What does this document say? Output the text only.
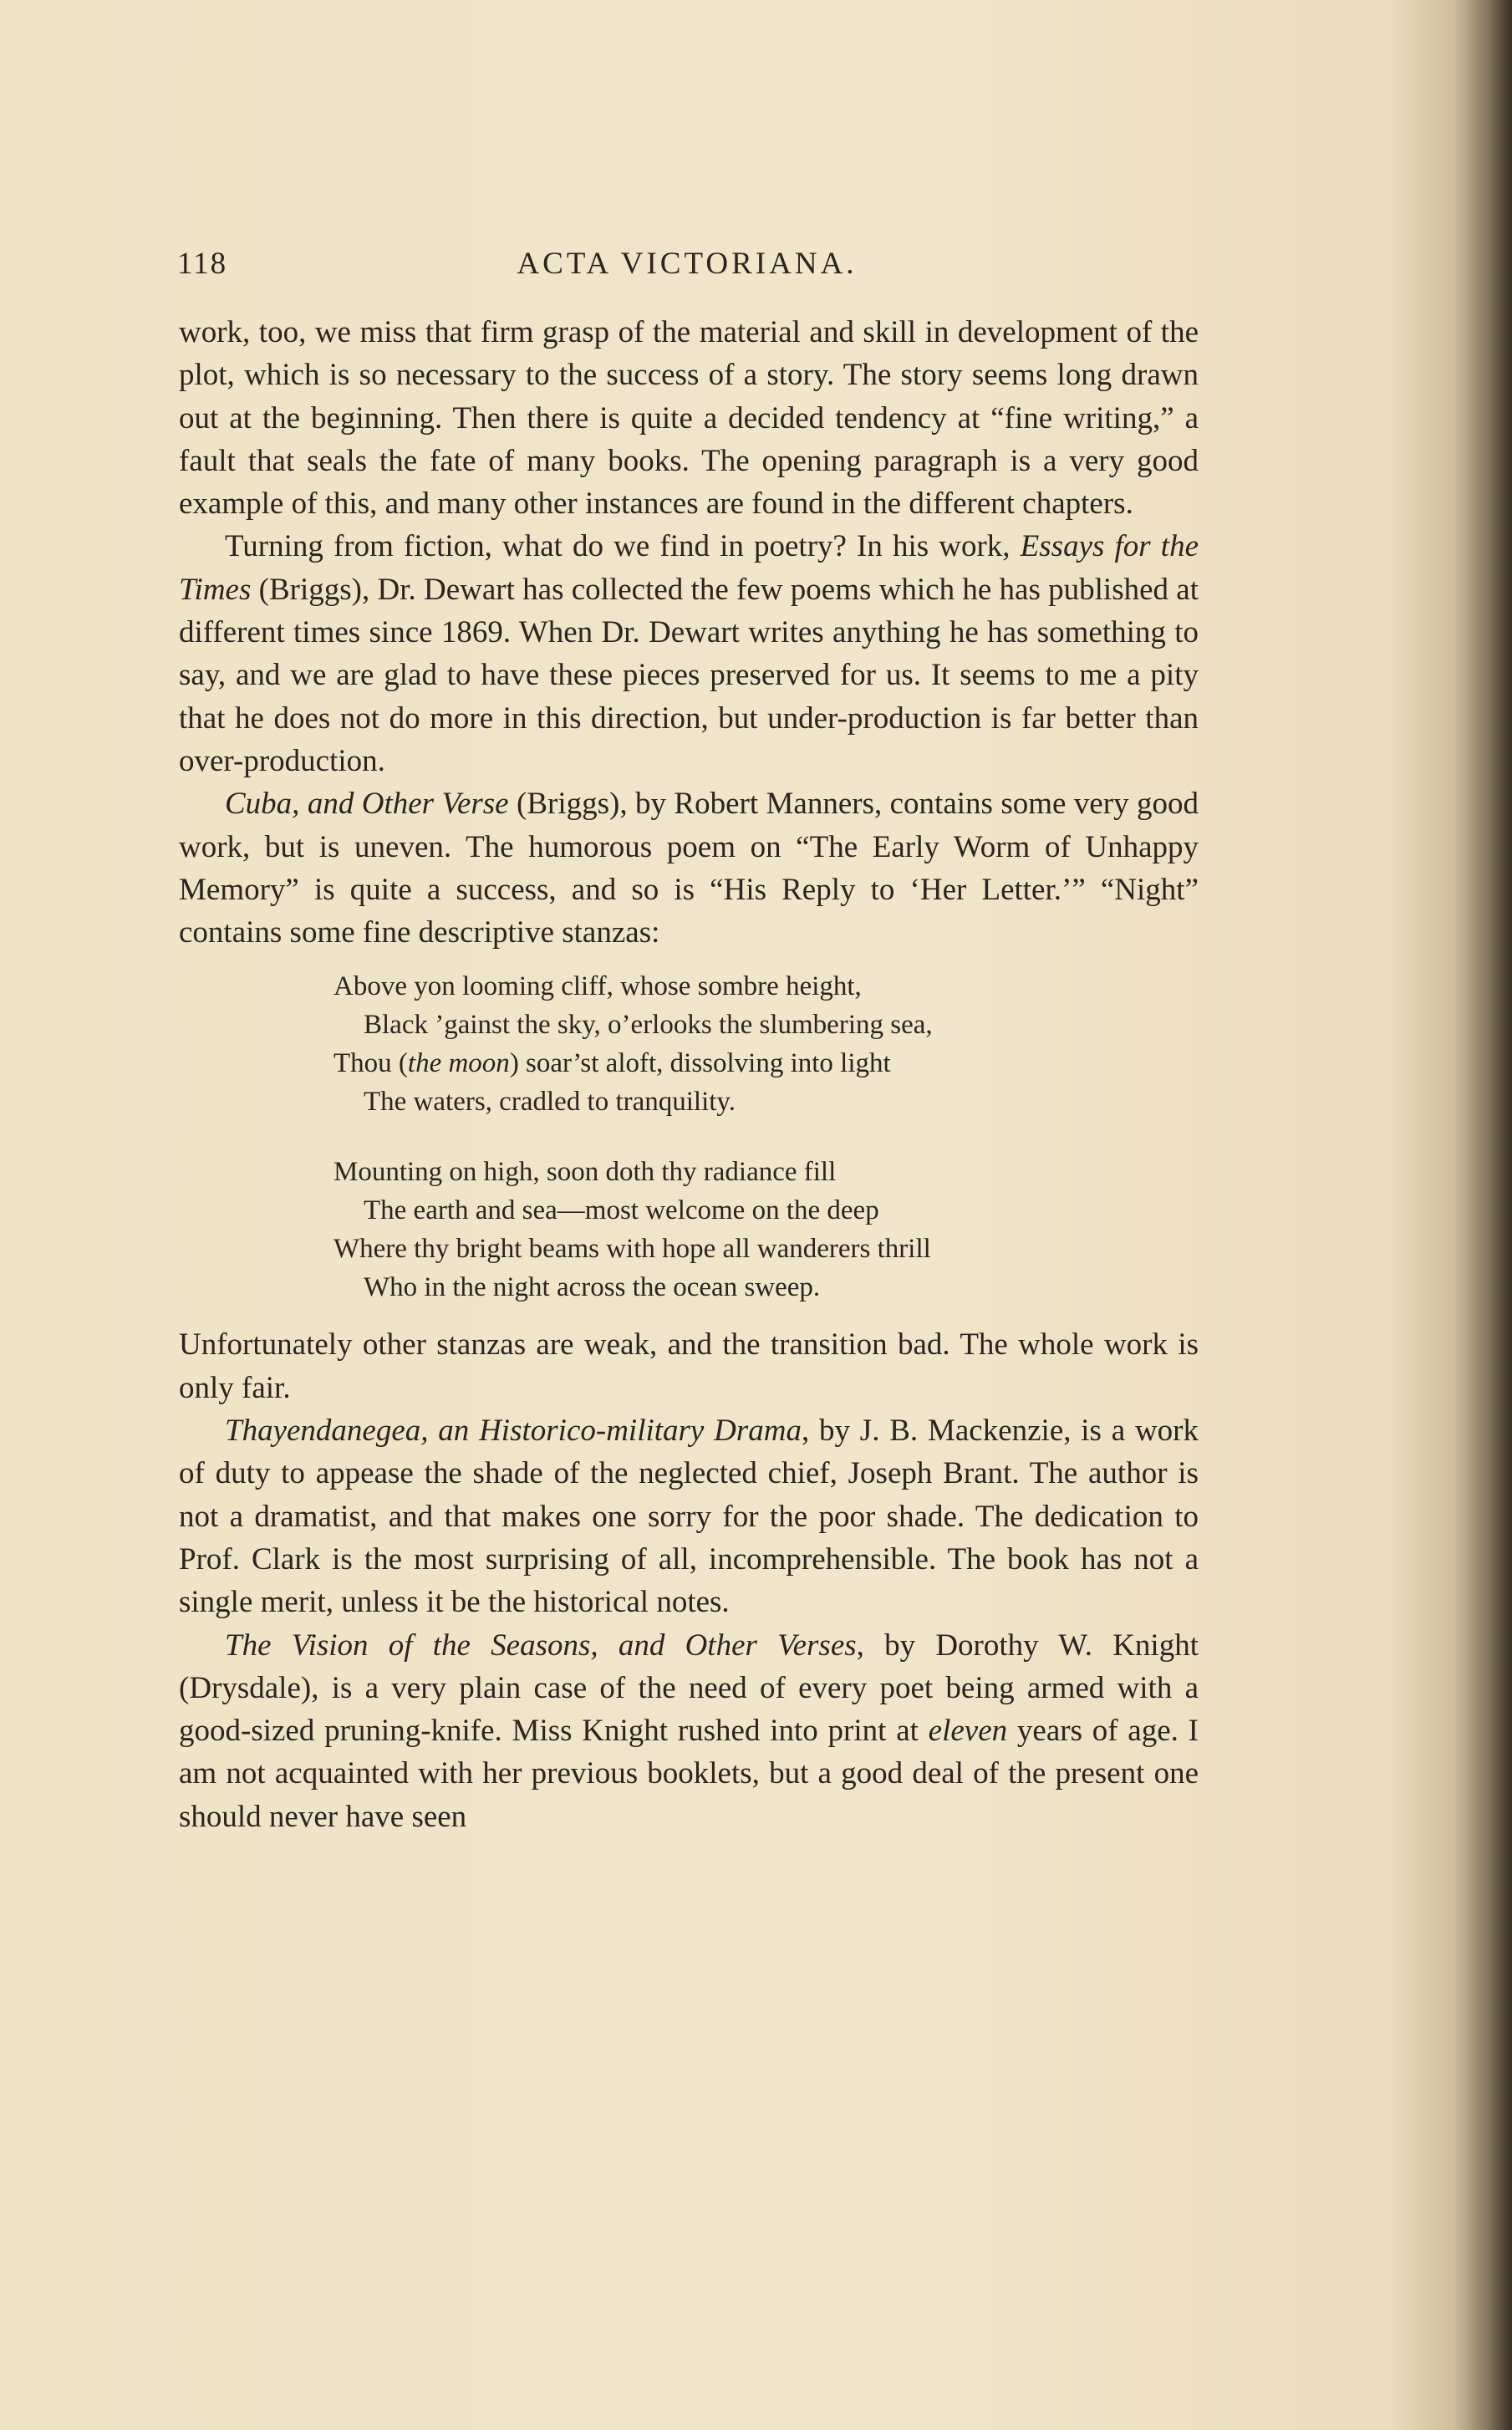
118	ACTA VICTORIANA.

work, too, we miss that firm grasp of the material and skill in development of the plot, which is so necessary to the success of a story. The story seems long drawn out at the beginning. Then there is quite a decided tendency at “fine writing,” a fault that seals the fate of many books. The opening paragraph is a very good example of this, and many other instances are found in the different chapters.

Turning from fiction, what do we find in poetry? In his work, Essays for the Times (Briggs), Dr. Dewart has collected the few poems which he has published at different times since 1869. When Dr. Dewart writes anything he has something to say, and we are glad to have these pieces preserved for us. It seems to me a pity that he does not do more in this direction, but under-production is far better than over-production.

Cuba, and Other Verse (Briggs), by Robert Manners, contains some very good work, but is uneven. The humorous poem on “The Early Worm of Unhappy Memory” is quite a success, and so is “His Reply to ‘Her Letter.’” “Night” contains some fine descriptive stanzas:

Above yon looming cliff, whose sombre height,
Black ’gainst the sky, o’erlooks the slumbering sea,
Thou (the moon) soar’st aloft, dissolving into light
The waters, cradled to tranquility.
Mounting on high, soon doth thy radiance fill
The earth and sea—most welcome on the deep
Where thy bright beams with hope all wanderers thrill
Who in the night across the ocean sweep.

Unfortunately other stanzas are weak, and the transition bad. The whole work is only fair.

Thayendanegea, an Historico-military Drama, by J. B. Mackenzie, is a work of duty to appease the shade of the neglected chief, Joseph Brant. The author is not a dramatist, and that makes one sorry for the poor shade. The dedication to Prof. Clark is the most surprising of all, incomprehensible. The book has not a single merit, unless it be the historical notes.

The Vision of the Seasons, and Other Verses, by Dorothy W. Knight (Drysdale), is a very plain case of the need of every poet being armed with a good-sized pruning-knife. Miss Knight rushed into print at eleven years of age. I am not acquainted with her previous booklets, but a good deal of the present one should never have seen
